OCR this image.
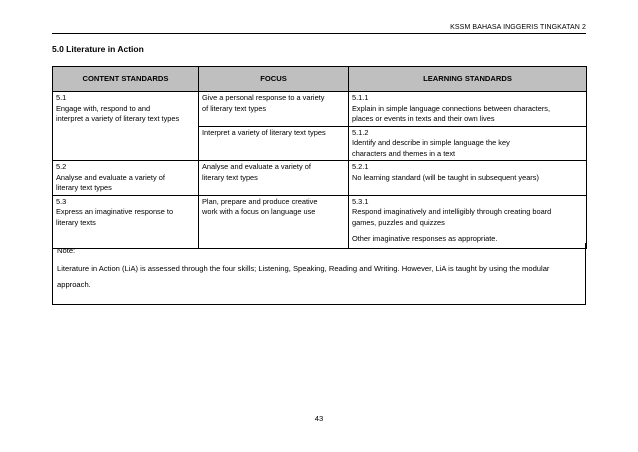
KSSM BAHASA INGGERIS TINGKATAN 2
5.0 Literature in Action
CONTENT STANDARDS	FOCUS	LEARNING STANDARDS

5.1
Engage with, respond to and
interpret a variety of literary text types	Give a personal response to a variety
of literary text types	5.1.1
Explain in simple language connections between characters,
places or events in texts and their own lives

	Interpret a variety of literary text types	5.1.2
Identify and describe in simple language the key
characters and themes in a text

5.2
Analyse and evaluate a variety of
literary text types	Analyse and evaluate a variety of
literary text types	5.2.1
No learning standard (will be taught in subsequent years)

5.3
Express an imaginative response to
literary texts	Plan, prepare and produce creative
work with a focus on language use	5.3.1
Respond imaginatively and intelligibly through creating board
games, puzzles and quizzes
Other imaginative responses as appropriate.
Note:
Literature in Action (LiA) is assessed through the four skills; Listening, Speaking, Reading and Writing. However, LiA is taught by using the modular approach.
43
